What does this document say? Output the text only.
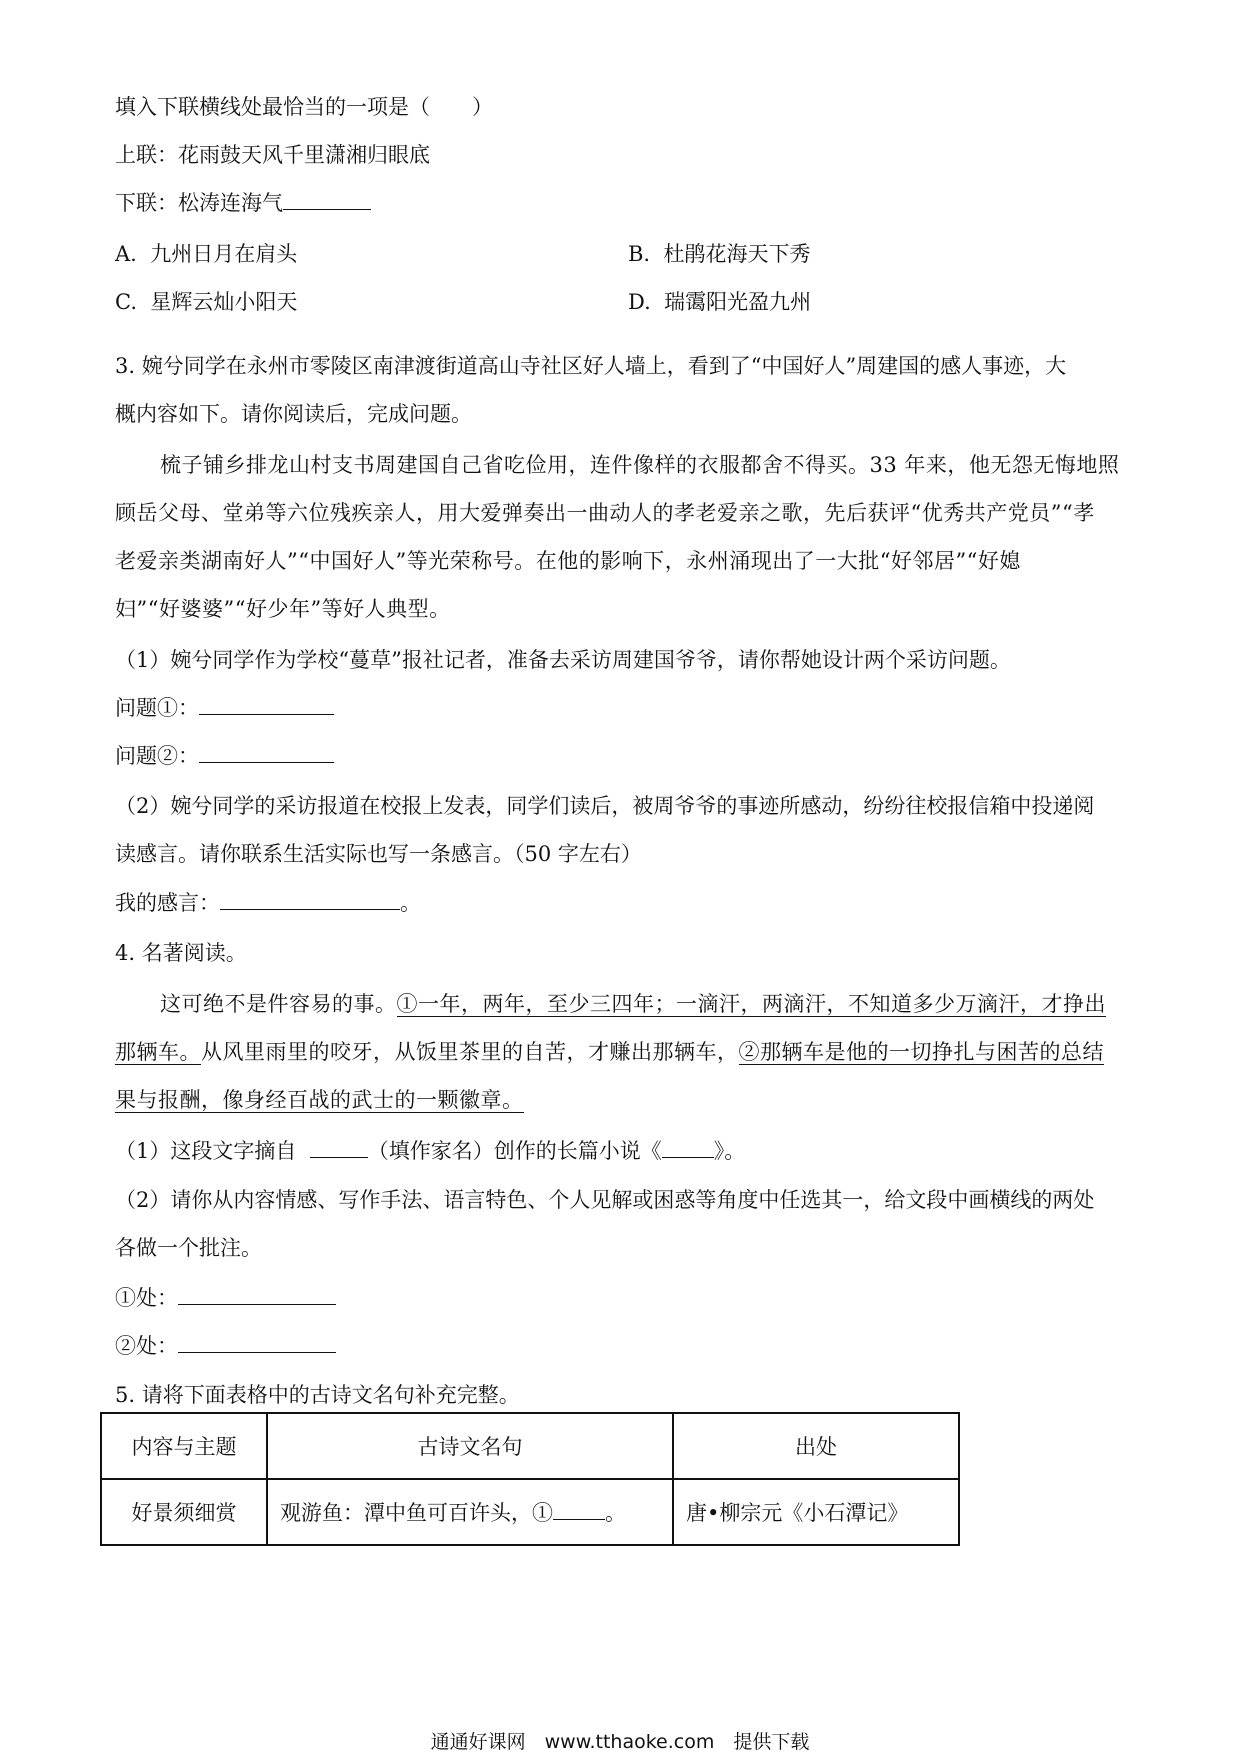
填入下联横线处最恰当的一项是（　　）
上联：花雨鼓天风千里潇湘归眼底
下联：松涛连海气
A. 九州日月在肩头	B. 杜鹃花海天下秀
C. 星辉云灿小阳天	D. 瑞霭阳光盈九州
3. 婉兮同学在永州市零陵区南津渡街道高山寺社区好人墙上，看到了“中国好人”周建国的感人事迹，大
概内容如下。请你阅读后，完成问题。
梳子铺乡排龙山村支书周建国自己省吃俭用，连件像样的衣服都舍不得买。33 年来，他无怨无悔地照
顾岳父母、堂弟等六位残疾亲人，用大爱弹奏出一曲动人的孝老爱亲之歌，先后获评“优秀共产党员”“孝
老爱亲类湖南好人”“中国好人”等光荣称号。在他的影响下，永州涌现出了一大批“好邻居”“好媳
妇”“好婆婆”“好少年”等好人典型。
（1）婉兮同学作为学校“蔓草”报社记者，准备去采访周建国爷爷，请你帮她设计两个采访问题。
问题①：
问题②：
（2）婉兮同学的采访报道在校报上发表，同学们读后，被周爷爷的事迹所感动，纷纷往校报信箱中投递阅
读感言。请你联系生活实际也写一条感言。（50 字左右）
我的感言：	。
4. 名著阅读。
这可绝不是件容易的事。①一年，两年，至少三四年；一滴汗，两滴汗，不知道多少万滴汗，才挣出
那辆车。从风里雨里的咬牙，从饭里茶里的自苦，才赚出那辆车，②那辆车是他的一切挣扎与困苦的总结
果与报酬，像身经百战的武士的一颗徽章。
（1）这段文字摘自	（填作家名）创作的长篇小说《 》。
（2）请你从内容情感、写作手法、语言特色、个人见解或困惑等角度中任选其一，给文段中画横线的两处
各做一个批注。
①处：
②处：
5. 请将下面表格中的古诗文名句补充完整。
内容与主题	古诗文名句	出处
好景须细赏	观游鱼：潭中鱼可百许头，① 。	唐•柳宗元《小石潭记》
通通好课网　www.tthaoke.com　提供下载
